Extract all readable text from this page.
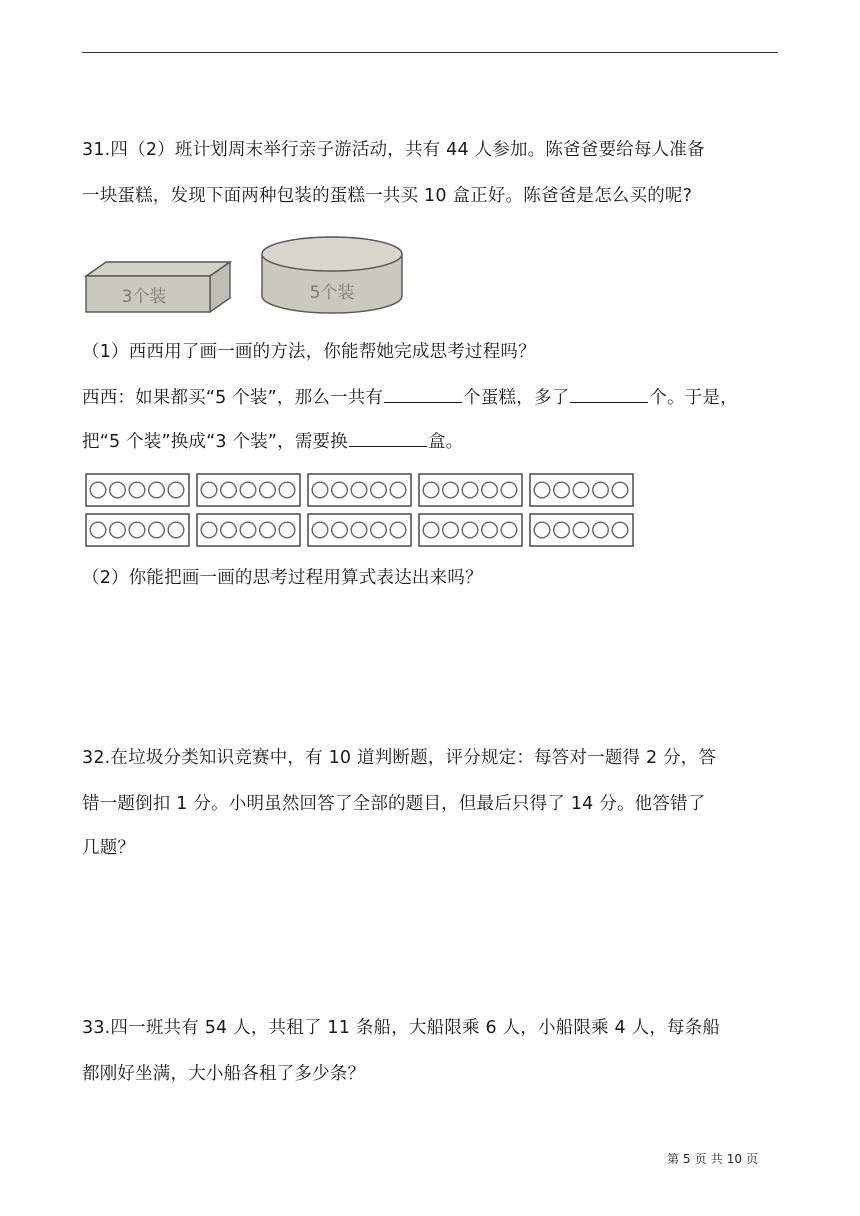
31.四（2）班计划周末举行亲子游活动，共有 44 人参加。陈爸爸要给每人准备
一块蛋糕，发现下面两种包装的蛋糕一共买 10 盒正好。陈爸爸是怎么买的呢?
3个装	5个装
（1）西西用了画一画的方法，你能帮她完成思考过程吗？
西西：如果都买“5 个装”，那么一共有	个蛋糕，多了	个。于是，
把“5 个装”换成“3 个装”，需要换	盒。
（2）你能把画一画的思考过程用算式表达出来吗？
32.在垃圾分类知识竞赛中，有 10 道判断题，评分规定：每答对一题得 2 分，答
错一题倒扣 1 分。小明虽然回答了全部的题目，但最后只得了 14 分。他答错了
几题？
33.四一班共有 54 人，共租了 11 条船，大船限乘 6 人，小船限乘 4 人，每条船
都刚好坐满，大小船各租了多少条？
第 5 页 共 10 页
